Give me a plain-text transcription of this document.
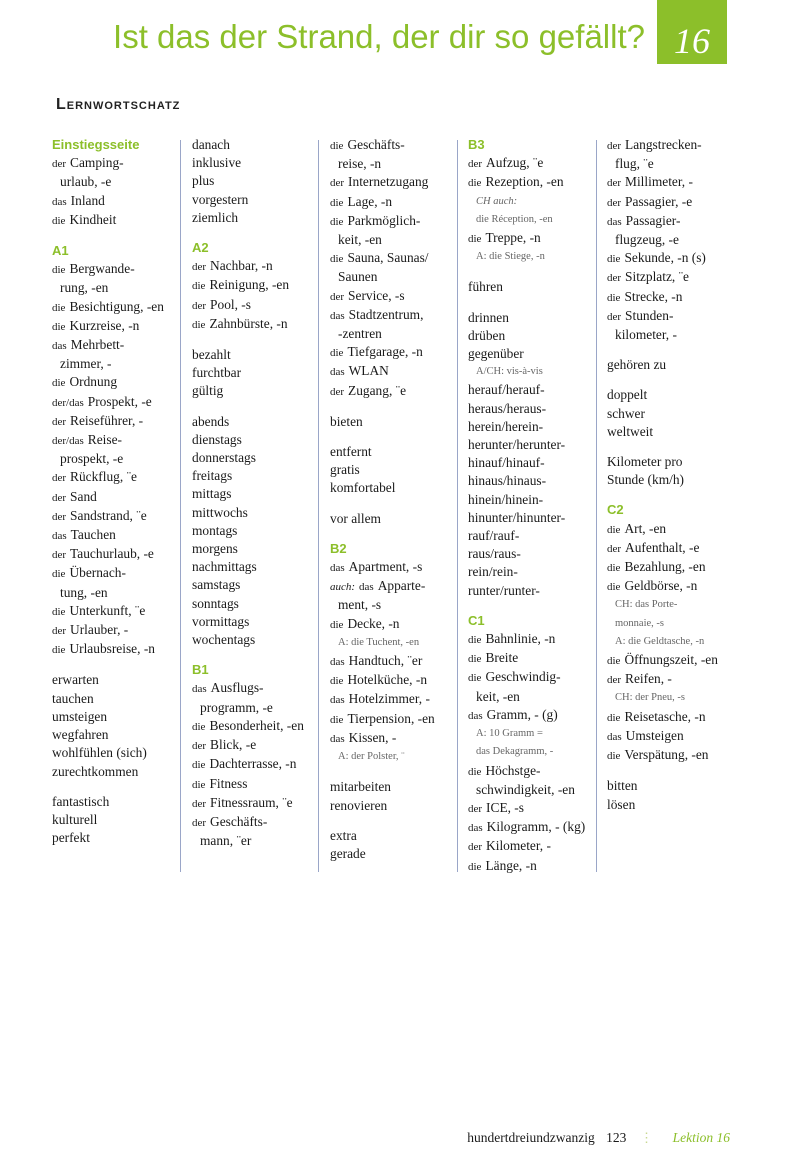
Ist das der Strand, der dir so gefällt? 16
Lernwortschatz
Einstiegsseite
der Camping-
urlaub, -e
das Inland
die Kindheit
A1
die Bergwande-
rung, -en
die Besichtigung, -en
die Kurzreise, -n
das Mehrbett-
zimmer, -
die Ordnung
der/das Prospekt, -e
der Reiseführer, -
der/das Reise-
prospekt, -e
der Rückflug, ¨e
der Sand
der Sandstrand, ¨e
das Tauchen
der Tauchurlaub, -e
die Übernach-
tung, -en
die Unterkunft, ¨e
der Urlauber, -
die Urlaubsreise, -n
erwarten
tauchen
umsteigen
wegfahren
wohlfühlen (sich)
zurechtkommen
fantastisch
kulturell
perfekt
danach
inklusive
plus
vorgestern
ziemlich
A2
der Nachbar, -n
die Reinigung, -en
der Pool, -s
die Zahnbürste, -n
bezahlt
furchtbar
gültig
abends
dienstags
donnerstags
freitags
mittags
mittwochs
montags
morgens
nachmittags
samstags
sonntags
vormittags
wochentags
B1
das Ausflugs-
programm, -e
die Besonderheit, -en
der Blick, -e
die Dachterrasse, -n
die Fitness
der Fitnessraum, ¨e
der Geschäfts-
mann, ¨er
die Geschäfts-
reise, -n
der Internetzugang
die Lage, -n
die Parkmöglich-
keit, -en
die Sauna, Saunas/
Saunen
der Service, -s
das Stadtzentrum,
-zentren
die Tiefgarage, -n
das WLAN
der Zugang, ¨e
bieten
entfernt
gratis
komfortabel
vor allem
B2
das Apartment, -s
auch: das Apparte-
ment, -s
die Decke, -n
A: die Tuchent, -en
das Handtuch, ¨er
die Hotelküche, -n
das Hotelzimmer, -
die Tierpension, -en
das Kissen, -
A: der Polster, ¨
mitarbeiten
renovieren
extra
gerade
B3
der Aufzug, ¨e
die Rezeption, -en
CH auch:
die Réception, -en
die Treppe, -n
A: die Stiege, -n
führen
drinnen
drüben
gegenüber
A/CH: vis-à-vis
herauf/herauf-
heraus/heraus-
herein/herein-
herunter/herunter-
hinauf/hinauf-
hinaus/hinaus-
hinein/hinein-
hinunter/hinunter-
rauf/rauf-
raus/raus-
rein/rein-
runter/runter-
C1
die Bahnlinie, -n
die Breite
die Geschwindig-
keit, -en
das Gramm, - (g)
A: 10 Gramm =
das Dekagramm, -
die Höchstge-
schwindigkeit, -en
der ICE, -s
das Kilogramm, - (kg)
der Kilometer, -
die Länge, -n
der Langstrecken-
flug, ¨e
der Millimeter, -
der Passagier, -e
das Passagier-
flugzeug, -e
die Sekunde, -n (s)
der Sitzplatz, ¨e
die Strecke, -n
der Stunden-
kilometer, -
gehören zu
doppelt
schwer
weltweit
Kilometer pro
Stunde (km/h)
C2
die Art, -en
der Aufenthalt, -e
die Bezahlung, -en
die Geldbörse, -n
CH: das Porte-
monnaie, -s
A: die Geldtasche, -n
die Öffnungszeit, -en
der Reifen, -
CH: der Pneu, -s
die Reisetasche, -n
das Umsteigen
die Verspätung, -en
bitten
lösen
hundertdreiundzwanzig 123 ⋮ Lektion 16
